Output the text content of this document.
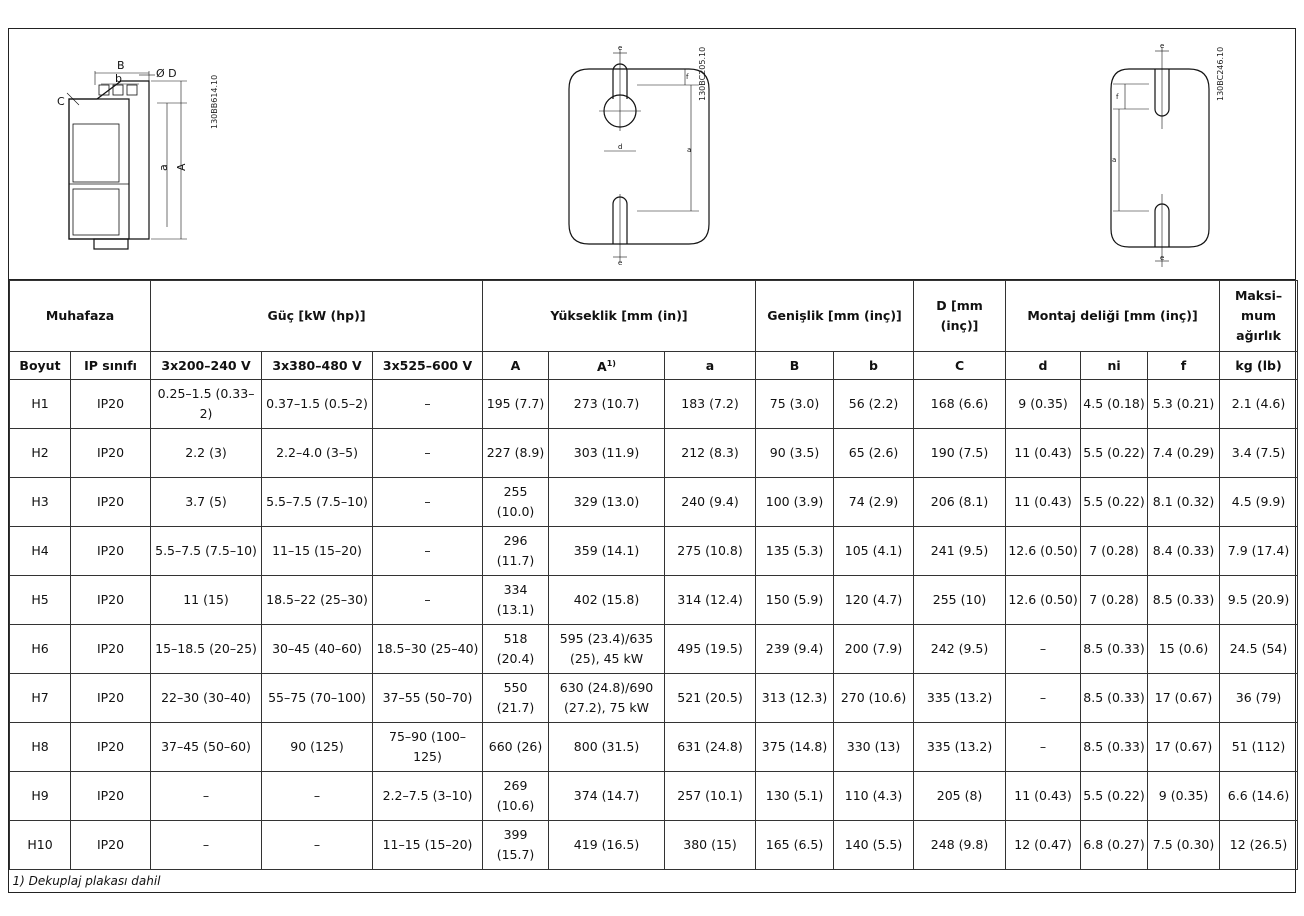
B
b	Ø D
C
a A
130BB614.10
e
f
d	a
e
130BC205.10
e
f
a
e
130BC246.10
Muhafaza		Güç [kW (hp)]			Yükseklik [mm (in)]			Genişlik [mm (inç)]		D [mm (inç)]	Montaj deliği [mm (inç)]			Maksi–mum ağırlık
Boyut	IP sınıfı	3x200–240 V	3x380–480 V	3x525–600 V	A	$A^{1)}$	a	B	b	C	d	ni	f	kg (lb)
H1	IP20	0.25–1.5 (0.33–2)	0.37–1.5 (0.5–2)	–	195 (7.7)	273 (10.7)	183 (7.2)	75 (3.0)	56 (2.2)	168 (6.6)	9 (0.35)	4.5 (0.18)	5.3 (0.21)	2.1 (4.6)
H2	IP20	2.2 (3)	2.2–4.0 (3–5)	–	227 (8.9)	303 (11.9)	212 (8.3)	90 (3.5)	65 (2.6)	190 (7.5)	11 (0.43)	5.5 (0.22)	7.4 (0.29)	3.4 (7.5)
H3	IP20	3.7 (5)	5.5–7.5 (7.5–10)	–	255 (10.0)	329 (13.0)	240 (9.4)	100 (3.9)	74 (2.9)	206 (8.1)	11 (0.43)	5.5 (0.22)	8.1 (0.32)	4.5 (9.9)
H4	IP20	5.5–7.5 (7.5–10)	11–15 (15–20)	–	296 (11.7)	359 (14.1)	275 (10.8)	135 (5.3)	105 (4.1)	241 (9.5)	12.6 (0.50)	7 (0.28)	8.4 (0.33)	7.9 (17.4)
H5	IP20	11 (15)	18.5–22 (25–30)	–	334 (13.1)	402 (15.8)	314 (12.4)	150 (5.9)	120 (4.7)	255 (10)	12.6 (0.50)	7 (0.28)	8.5 (0.33)	9.5 (20.9)
H6	IP20	15–18.5 (20–25)	30–45 (40–60)	18.5–30 (25–40)	518 (20.4)	595 (23.4)/635 (25), 45 kW	495 (19.5)	239 (9.4)	200 (7.9)	242 (9.5)	–	8.5 (0.33)	15 (0.6)	24.5 (54)
H7	IP20	22–30 (30–40)	55–75 (70–100)	37–55 (50–70)	550 (21.7)	630 (24.8)/690 (27.2), 75 kW	521 (20.5)	313 (12.3)	270 (10.6)	335 (13.2)	–	8.5 (0.33)	17 (0.67)	36 (79)
H8	IP20	37–45 (50–60)	90 (125)	75–90 (100–125)	660 (26)	800 (31.5)	631 (24.8)	375 (14.8)	330 (13)	335 (13.2)	–	8.5 (0.33)	17 (0.67)	51 (112)
H9	IP20	–	–	2.2–7.5 (3–10)	269 (10.6)	374 (14.7)	257 (10.1)	130 (5.1)	110 (4.3)	205 (8)	11 (0.43)	5.5 (0.22)	9 (0.35)	6.6 (14.6)
H10	IP20	–	–	11–15 (15–20)	399 (15.7)	419 (16.5)	380 (15)	165 (6.5)	140 (5.5)	248 (9.8)	12 (0.47)	6.8 (0.27)	7.5 (0.30)	12 (26.5)
1) Dekuplaj plakası dahil														
